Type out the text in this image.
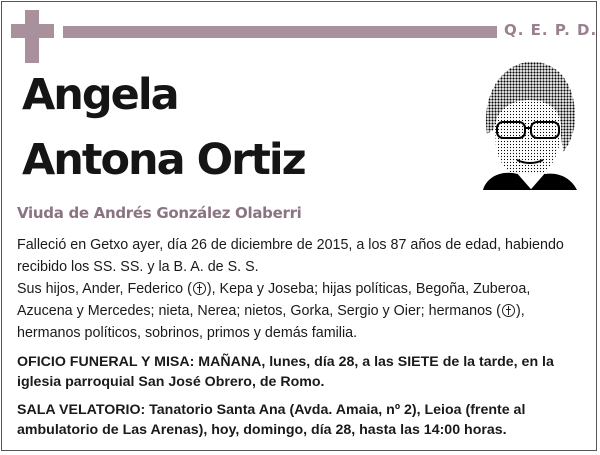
Q. E. P. D.
Angela
Antona Ortiz
Viuda de Andrés González Olaberri
Falleció en Getxo ayer, día 26 de diciembre de 2015, a los 87 años de edad, habiendo recibido los SS. SS. y la B. A. de S. S.
Sus hijos, Ander, Federico ( ), Kepa y Joseba; hijas políticas, Begoña, Zuberoa, Azucena y Mercedes; nieta, Nerea; nietos, Gorka, Sergio y Oier; hermanos ( ), hermanos políticos, sobrinos, primos y demás familia.
OFICIO FUNERAL Y MISA: MAÑANA, lunes, día 28, a las SIETE de la tarde, en la iglesia parroquial San José Obrero, de Romo.
SALA VELATORIO: Tanatorio Santa Ana (Avda. Amaia, nº 2), Leioa (frente al ambulatorio de Las Arenas), hoy, domingo, día 28, hasta las 14:00 horas.
